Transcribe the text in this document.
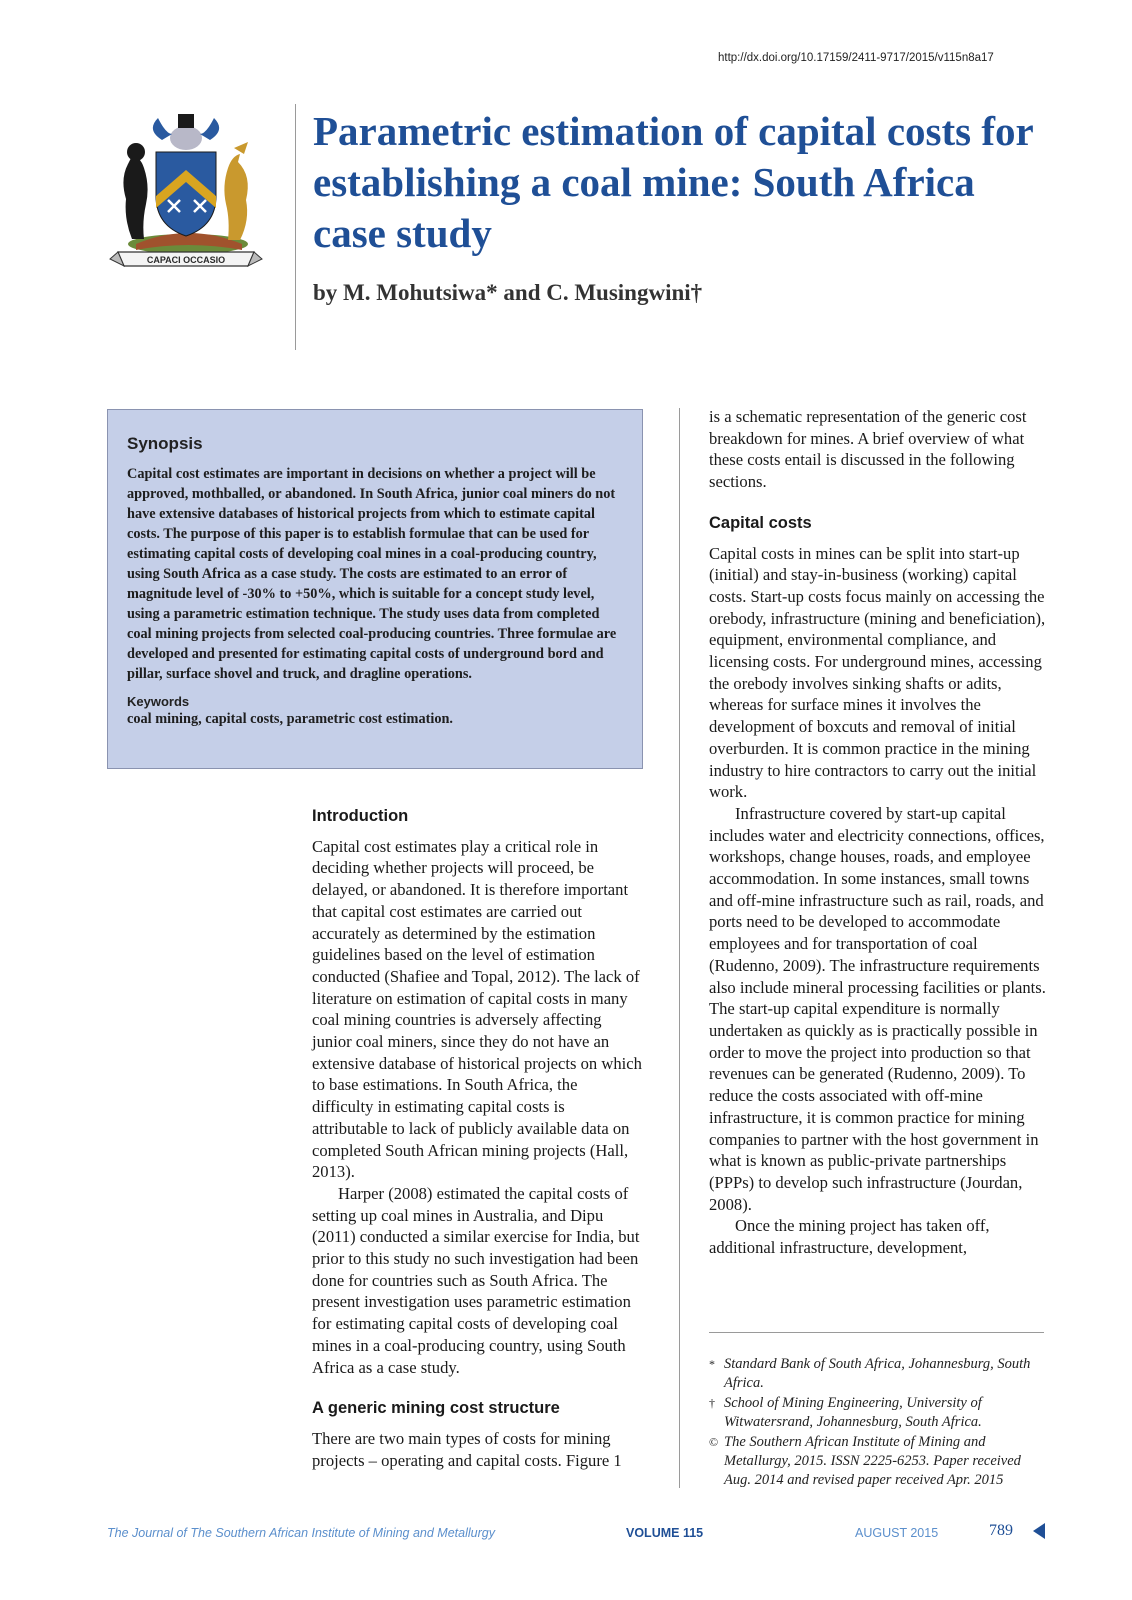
http://dx.doi.org/10.17159/2411-9717/2015/v115n8a17
CAPACI OCCASIO
Parametric estimation of capital costs for establishing a coal mine: South Africa case study
by M. Mohutsiwa* and C. Musingwini†
Synopsis

Capital cost estimates are important in decisions on whether a project will be approved, mothballed, or abandoned. In South Africa, junior coal miners do not have extensive databases of historical projects from which to estimate capital costs. The purpose of this paper is to establish formulae that can be used for estimating capital costs of developing coal mines in a coal-producing country, using South Africa as a case study. The costs are estimated to an error of magnitude level of -30% to +50%, which is suitable for a concept study level, using a parametric estimation technique. The study uses data from completed coal mining projects from selected coal-producing countries. Three formulae are developed and presented for estimating capital costs of underground bord and pillar, surface shovel and truck, and dragline operations.

Keywords

coal mining, capital costs, parametric cost estimation.

Introduction

Capital cost estimates play a critical role in deciding whether projects will proceed, be delayed, or abandoned. It is therefore important that capital cost estimates are carried out accurately as determined by the estimation guidelines based on the level of estimation conducted (Shafiee and Topal, 2012). The lack of literature on estimation of capital costs in many coal mining countries is adversely affecting junior coal miners, since they do not have an extensive database of historical projects on which to base estimations. In South Africa, the difficulty in estimating capital costs is attributable to lack of publicly available data on completed South African mining projects (Hall, 2013).

Harper (2008) estimated the capital costs of setting up coal mines in Australia, and Dipu (2011) conducted a similar exercise for India, but prior to this study no such investigation had been done for countries such as South Africa. The present investigation uses parametric estimation for estimating capital costs of developing coal mines in a coal-producing country, using South Africa as a case study.

A generic mining cost structure

There are two main types of costs for mining projects – operating and capital costs. Figure 1

is a schematic representation of the generic cost breakdown for mines. A brief overview of what these costs entail is discussed in the following sections.

Capital costs

Capital costs in mines can be split into start-up (initial) and stay-in-business (working) capital costs. Start-up costs focus mainly on accessing the orebody, infrastructure (mining and beneficiation), equipment, environmental compliance, and licensing costs. For underground mines, accessing the orebody involves sinking shafts or adits, whereas for surface mines it involves the development of boxcuts and removal of initial overburden. It is common practice in the mining industry to hire contractors to carry out the initial work.

Infrastructure covered by start-up capital includes water and electricity connections, offices, workshops, change houses, roads, and employee accommodation. In some instances, small towns and off-mine infrastructure such as rail, roads, and ports need to be developed to accommodate employees and for transportation of coal (Rudenno, 2009). The infrastructure requirements also include mineral processing facilities or plants. The start-up capital expenditure is normally undertaken as quickly as is practically possible in order to move the project into production so that revenues can be generated (Rudenno, 2009). To reduce the costs associated with off-mine infrastructure, it is common practice for mining companies to partner with the host government in what is known as public-private partnerships (PPPs) to develop such infrastructure (Jourdan, 2008).

Once the mining project has taken off, additional infrastructure, development,

* Standard Bank of South Africa, Johannesburg, South Africa.
† School of Mining Engineering, University of Witwatersrand, Johannesburg, South Africa.
© The Southern African Institute of Mining and Metallurgy, 2015. ISSN 2225-6253. Paper received Aug. 2014 and revised paper received Apr. 2015
The Journal of The Southern African Institute of Mining and Metallurgy	VOLUME 115	AUGUST 2015	789
